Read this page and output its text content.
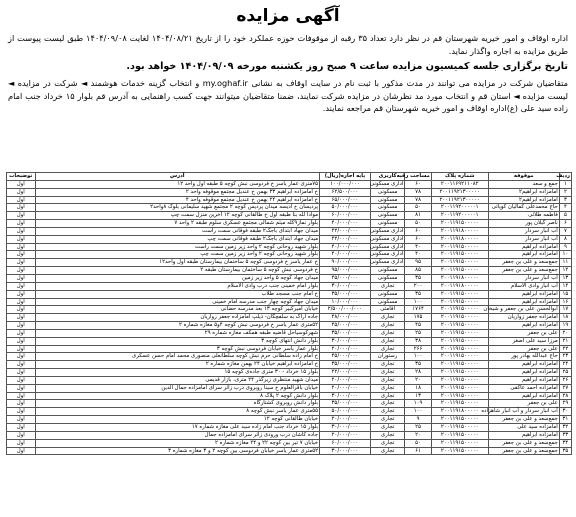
آگهی مزایده
اداره اوقاف و امور خیریه شهرستان قم در نظر دارد تعداد ۳۵ رقبه از موقوفات حوزه عملکرد خود را از تاریخ ۱۴۰۴/۰۸/۲۱ لغایت ۱۴۰۴/۰۹/۰۸ طبق لیست پیوست از طریق مزایده به اجاره واگذار نماید.
تاریخ برگزاری جلسه کمیسیون مزایده ساعت ۹ صبح روز یکشنبه مورخه ۱۴۰۴/۰۹/۰۹ خواهد بود.
متقاضیان شرکت در مزایده می توانند در مدت مذکور با ثبت نام در سایت اوقاف به نشانی my.oghaf.ir و انتخاب گزینه خدمات هوشمند ◄ شرکت در مزایده ◄ لیست مزایده ◄ استان قم و انتخاب مورد مد نظرشان در مزایده شرکت نمایند، ضمنا متقاضیان میتوانند جهت کسب راهنمایی به آدرس قم بلوار ۱۵ خرداد جنب امام زاده سید علی (ع)اداره اوقاف و امور خیریه شهرستان قم مراجعه نمایند.
ردیف	موقوفه	شماره پلاک	مساحت رقبه	کاربری	پایه اجاره(ریال)	آدرس	توضیحات
۱	جمع و سعد	۲۰۰۱۱۶۹۲۱۱۰۸۲	۶۰	اداری مسکونی	۱۰۰/۰۰۰/۰۰۰	۷۵متری عمار یاسر خ فردوسی نبش کوچه ۵ طبقه اول واحد ۱۲	اول
۲	امامزاده ابراهیم۲	۲۰۰۱۱۹۲۱۳۰۰۰۰۰	۷۸	مسکونی	۶۲/۵۰۰/۰۰۰	خ امامزاده ابراهیم ۳۳ بهمن خ عندیل مجتمع موقوفه واحد ۲	اول
۳	امامزاده ابراهیم۲	۲۰۰۱۱۹۲۱۳۰۰۰۰۰	۷۸	مسکونی	۶۵/۰۰۰/۰۰۰	خ امامزاده ابراهیم ۲۴ بهمن خ عندیل مجتمع موقوفه واحد ۴	اول
۴	حاج محمدعلی کمالیان کوپائی	۲۰۰۱۱۹۲۰۰۰۰۰۱	۵۰	مسکونی	۵۰/۰۰۰/۰۰۰	پردیسان خ ادیسه میدان پردیس کوچه ۲ مجتمع شهید سلیمانی بلوک ۸واحد۲	اول
۵	فاطمه طلائی	۲۰۰۱۱۹۲۰۰۰۰۰۱	۸۱	مسکونی	۶۰/۰۰۰/۰۰۰	موادا لله بنا طبقه اول خ طالقانی کوچه ۱۲ آخرین منزل سمت چپ	اول
۶	ناصر گیلان پور	۲۰۰۱۱۹۱۵۰۰۰۰۰	۵۰	مسکونی	۴۰/۰۰۰/۰۰۰	بلوار نماز۹کله میثم شمالی مجتمع عسکری سلوم طبقه ۲ واحد ۷	اول
۷	آب انبار سردار	۲۰۰۱۱۹۱۸۰۰۰۰۰	۶۰	اداری مسکونی	۴۲/۰۰۰/۰۰۰	میدان جهاد ابتدای باجک۲ طبقه فوقانی سمت راست	اول
۸	آب انبار سردار	۲۰۰۱۱۹۱۸۰۰۰۰۰	۶۰	اداری مسکونی	۴۲/۰۰۰/۰۰۰	میدان جهاد ابتدای باجک۲ طبقه فوقانی سمت چپ	اول
۹	امامزاده ابراهیم	۲۰۰۱۱۹۱۵۰۰۰۰۰	۴۰	اداری مسکونی	۴۰/۰۰۰/۰۰۰	بلوار شهید روحانی کوچه ۲ واحد زیر زمین سمت راست	اول
۱۰	امامزاده ابراهیم	۲۰۰۱۱۹۱۵۰۰۰۰۰	۴۰	اداری مسکونی	۴۰/۰۰۰/۰۰۰	بلوار شهید روحانی کوچه ۲ واحد زیر زمین سمت چپ	اول
۱۱	جمع‌سعد و علی بن جعفر	۲۰۰۱۱۹۱۵۰۰۰۰۰	۹۵	اداری مسکونی	۹۰/۰۰۰/۰۰۰	خ عمار یاسر خ فردوسی کوچه ۵ ساختمان بیمارستان طبقه اول واحد۱۲	اول
۱۲	جمع‌سعد و علی بن جعفر	۲۰۰۱۱۹۱۵۰۰۰۰۰	۸۵	مسکونی	۹۵/۰۰۰/۰۰۰	خ فردوسی نبش کوچه ۵ ساختمان بیمارستان طبقه ۲	اول
۱۳	آب انبار سردار	۲۰۰۱۱۹۱۸۰۰۰۰۰	۳۵	مسکونی	۴۵/۰۰۰/۰۰۰	میدان جهاد کوچه ۵ واحد زیر زمین	اول
۱۴	آب انبار وادی الاسلام	۲۰۰۱۱۹۱۸۰۰۰۰۰	۲۰۰	تجاری	۳۰/۰۰۰/۰۰۰	بلوار امام خمینی جنب درب وادی الاسلام	اول
۱۵	امامزاده ابراهیم	۲۰۰۱۱۹۱۵۰۰۰۰۰	۳۵	مسکونی	۳۵/۰۰۰/۰۰۰	خ امام جنب مسجد طلاب	اول
۱۶	امامزاده ابراهیم	۲۰۰۱۱۹۱۵۰۰۰۰۰	۱۰۰	مسکونی	۱۰/۰۰۰/۰۰۰	میدان جهاد کوچه چهار جنب مدرسه امام خمینی	اول
۱۷	ابوالحسن علی بن جعفر و شیخان	۲۰۰۱۱۹۱۵۰۰۰۰۰	۱۷۶۴	اقامتی	۲/۵۰۰/۰۰۰/۰۰۰	خیابان امیرکبیر کوچه ۱۳ بعد مدرسه حضانی	اول
۱۸	امامزاده جعفر زواریان	۲۰۰۱۱۹۱۵۰۰۰۰۰	۱۷۵	تجاری	۴۸/۰۰۰/۰۰۰	جاده اراک به سلفچگان- ذیلپ امامزاده جعفر زواریان	اول
۱۹	امامزاده ابراهیم	۲۰۰۱۱۹۱۵۰۰۰۰۰	۴۵	تجاری	۴۵/۰۰۰/۰۰۰	۵۲متری عمار یاسر خ فردوسی نبش کوچه ۴و۵ مغازه شماره ۲	اول
۲۰	علی بن جعفر	۲۰۰۱۱۹۱۵۰۰۰۰۰	۲۵	تجاری	۳۵/۰۰۰/۰۰۰	شهرکوسیاحل قاضیه طبقه همکف مغازه شماره ۲۹	اول
۲۱	مرزا سید علی اصغر	۲۰۰۱۱۹۱۵۰۰۰۰۰	۳۸	تجاری	۳۰/۰۰۰/۰۰۰	بلوار دانش انتهای کوچه ۳	اول
۲۲	علی بن جعفر	۲۰۰۱۱۹۱۵۰۰۰۰۰	۲۶۶	تجاری	۲۰/۰۰۰/۰۰۰	بلوار عمار یاسر خیابان فردوسی نبش کوچه ۳	اول
۲۳	حاج عبدالله بهادر پور	۲۰۰۱۱۹۱۵۰۰۰۰۰	۱۰۰	رستوران	۴۵/۰۰۰/۰۰۰	خ امام زاده سلطانی حرم نبش کوچه سلطانعلی منصوری محمد امام حسن عسکری	اول
۲۴	امامزاده ابراهیم	۲۰۰۱۱۹۱۵۰۰۰۰۰	۳۵	تجاری	۳۵/۰۰۰/۰۰۰	خ امامزاده ابراهیم خیابان ۲۴ بهمن مغازه شماره ۲	اول
۲۵	امامزاده ابراهیم	۲۰۰۱۱۹۱۵۰۰۰۰۰	۲۸	تجاری	۲۲/۰۰۰/۰۰۰	بلوار ۱۵ خرداد - ۳۰ متری جاده‌ی کوچه ۱۵	اول
۲۶	امامزاده ابراهیم	۲۰۰۱۱۹۱۵۰۰۰۰۰	۲۰	تجاری	۲۰/۰۰۰/۰۰۰	میدان شهید منتظری زیرگذر ۲۴ متری، بازار قدیمی	اول
۲۷	امامزاده احمد عاکفی	۲۰۰۱۱۹۱۵۰۰۰۰۰	۱۸	تجاری	۲۰/۰۰۰/۰۰۰	خیابان باقرالعلوم خ سینا روبروی درب زائر سرای امامزاده جمال الدین	اول
۲۸	امامزاده ابراهیم	۲۰۰۱۱۹۱۵۰۰۰۰۰	۱۳	تجاری	۳۰/۰۰۰/۰۰۰	بلوار دانش کوچه ۲ پلاک ۸	اول
۲۹	علی بن جعفر	۲۰۰۱۱۹۱۵۰۰۰۰۰	۱۰۹	تجاری	۳۵/۰۰۰/۰۰۰	بلوار دانش روبروی کشتارگاه	اول
۳۰	آب انبار سردار و آب انبار شاهزاده	۲۰۰۱۱۹۱۸۰۰۰۰۰	۱۰۰	تجاری	۵۰/۰۰۰/۰۰۰	۵۵متری عمار یاسر نبش کوچه ۸	اول
۳۱	جمع‌سعد و علی بن جعفر	۲۰۰۱۱۹۱۵۰۰۰۰۰	۹	تجاری	۲۰/۰۰۰/۰۰۰	خیابان طالقانی کوچه ۱۲	اول
۳۲	امامزاده سید علی	۲۰۰۱۱۹۱۵۰۰۰۰۰	۲۵	تجاری	۳۰/۰۰۰/۰۰۰	بلوار ۱۵ خرداد جنب امام زاده سید علی مغازه شماره ۱۷	اول
۳۳	امامزاده ابراهیم	۲۰۰۱۱۹۱۵۰۰۰۰۰	۲۰	تجاری	۲۰/۰۰۰/۰۰۰	جاده کاشان درب ورودی زائر سرای امامزاده جمال	اول
۳۴	جمع‌سعد و علی بن جعفر	۲۰۰۱۱۹۱۵۰۰۰۰۰	۵۰	تجاری	۶۰/۰۰۰/۰۰۰	خیابان ۷ تیر بین کوچه ۲۲ و ۲۴ مغازه شماره ۲	اول
۳۵	جمع‌سعد و علی بن جعفر	۲۰۰۱۱۹۱۵۰۰۰۰۰	۶۱	تجاری	۳۰/۰۰۰/۰۰۰	۵۲متری عمار یاسر خیابان فردوسی بین کوچه ۲ و ۳ مغازه شماره ۳	اول
